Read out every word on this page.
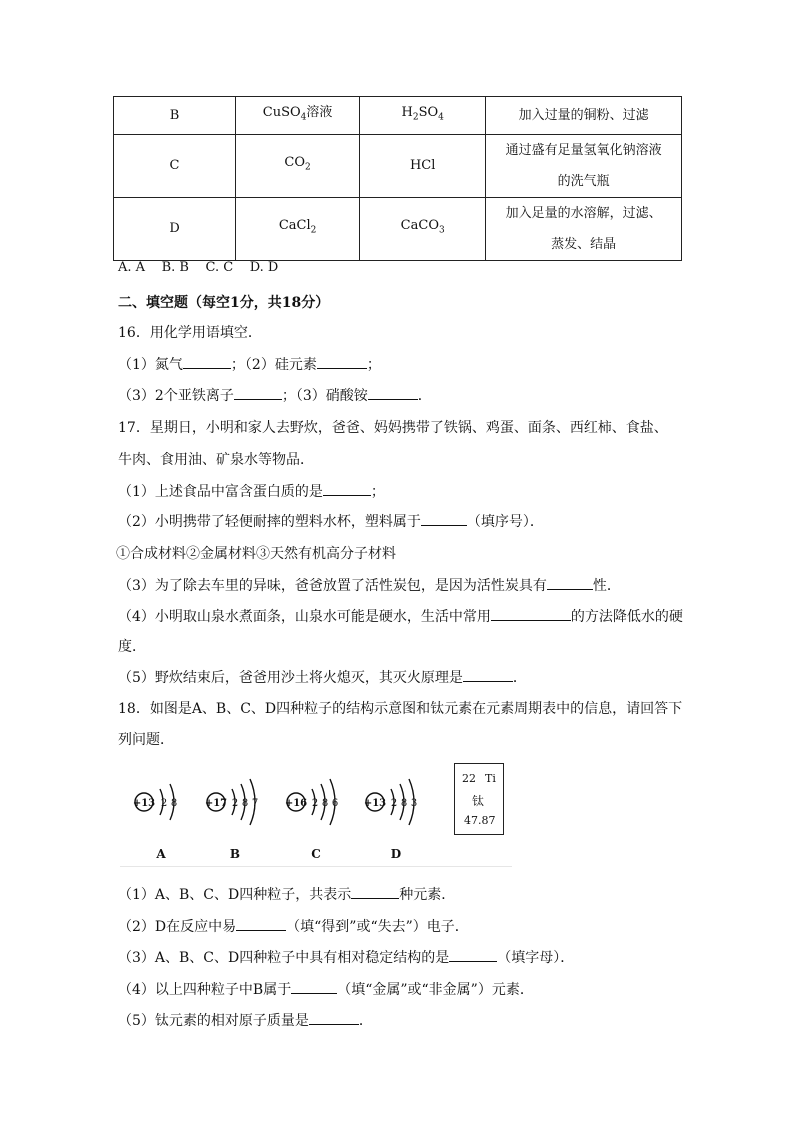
B	CuSO$_4$溶液	$H_2SO_4$	加入过量的铜粉、过滤

C	$CO_2$	HCl	通过盛有足量氢氧化钠溶液
的洗气瓶

D	CaCl$_2$	CaCO$_3$	加入足量的水溶解，过滤、
蒸发、结晶
A. A    B. B    C. C    D. D
二、填空题（每空1分，共18分）
16．用化学用语填空．
（1）氮气	；（2）硅元素	；
（3）2个亚铁离子	；（3）硝酸铵	．
17．星期日，小明和家人去野炊，爸爸、妈妈携带了铁锅、鸡蛋、面条、西红柿、食盐、
牛肉、食用油、矿泉水等物品．
（1）上述食品中富含蛋白质的是	；
（2）小明携带了轻便耐摔的塑料水杯，塑料属于	（填序号）．
①合成材料②金属材料③天然有机高分子材料
（3）为了除去车里的异味，爸爸放置了活性炭包，是因为活性炭具有	性．
（4）小明取山泉水煮面条，山泉水可能是硬水，生活中常用	的方法降低水的硬
度．
（5）野炊结束后，爸爸用沙土将火熄灭，其灭火原理是	．
18．如图是A、B、C、D四种粒子的结构示意图和钛元素在元素周期表中的信息，请回答下
列问题．
+13 2 8
A
+17 2 8 7
B
+16 2 8 6
C
+13 2 8 3
D
22 Ti
钛
47.87
（1）A、B、C、D四种粒子，共表示	种元素．
（2）D在反应中易	（填“得到”或“失去”）电子．
（3）A、B、C、D四种粒子中具有相对稳定结构的是	（填字母）．
（4）以上四种粒子中B属于	（填“金属”或“非金属”）元素．
（5）钛元素的相对原子质量是	．
